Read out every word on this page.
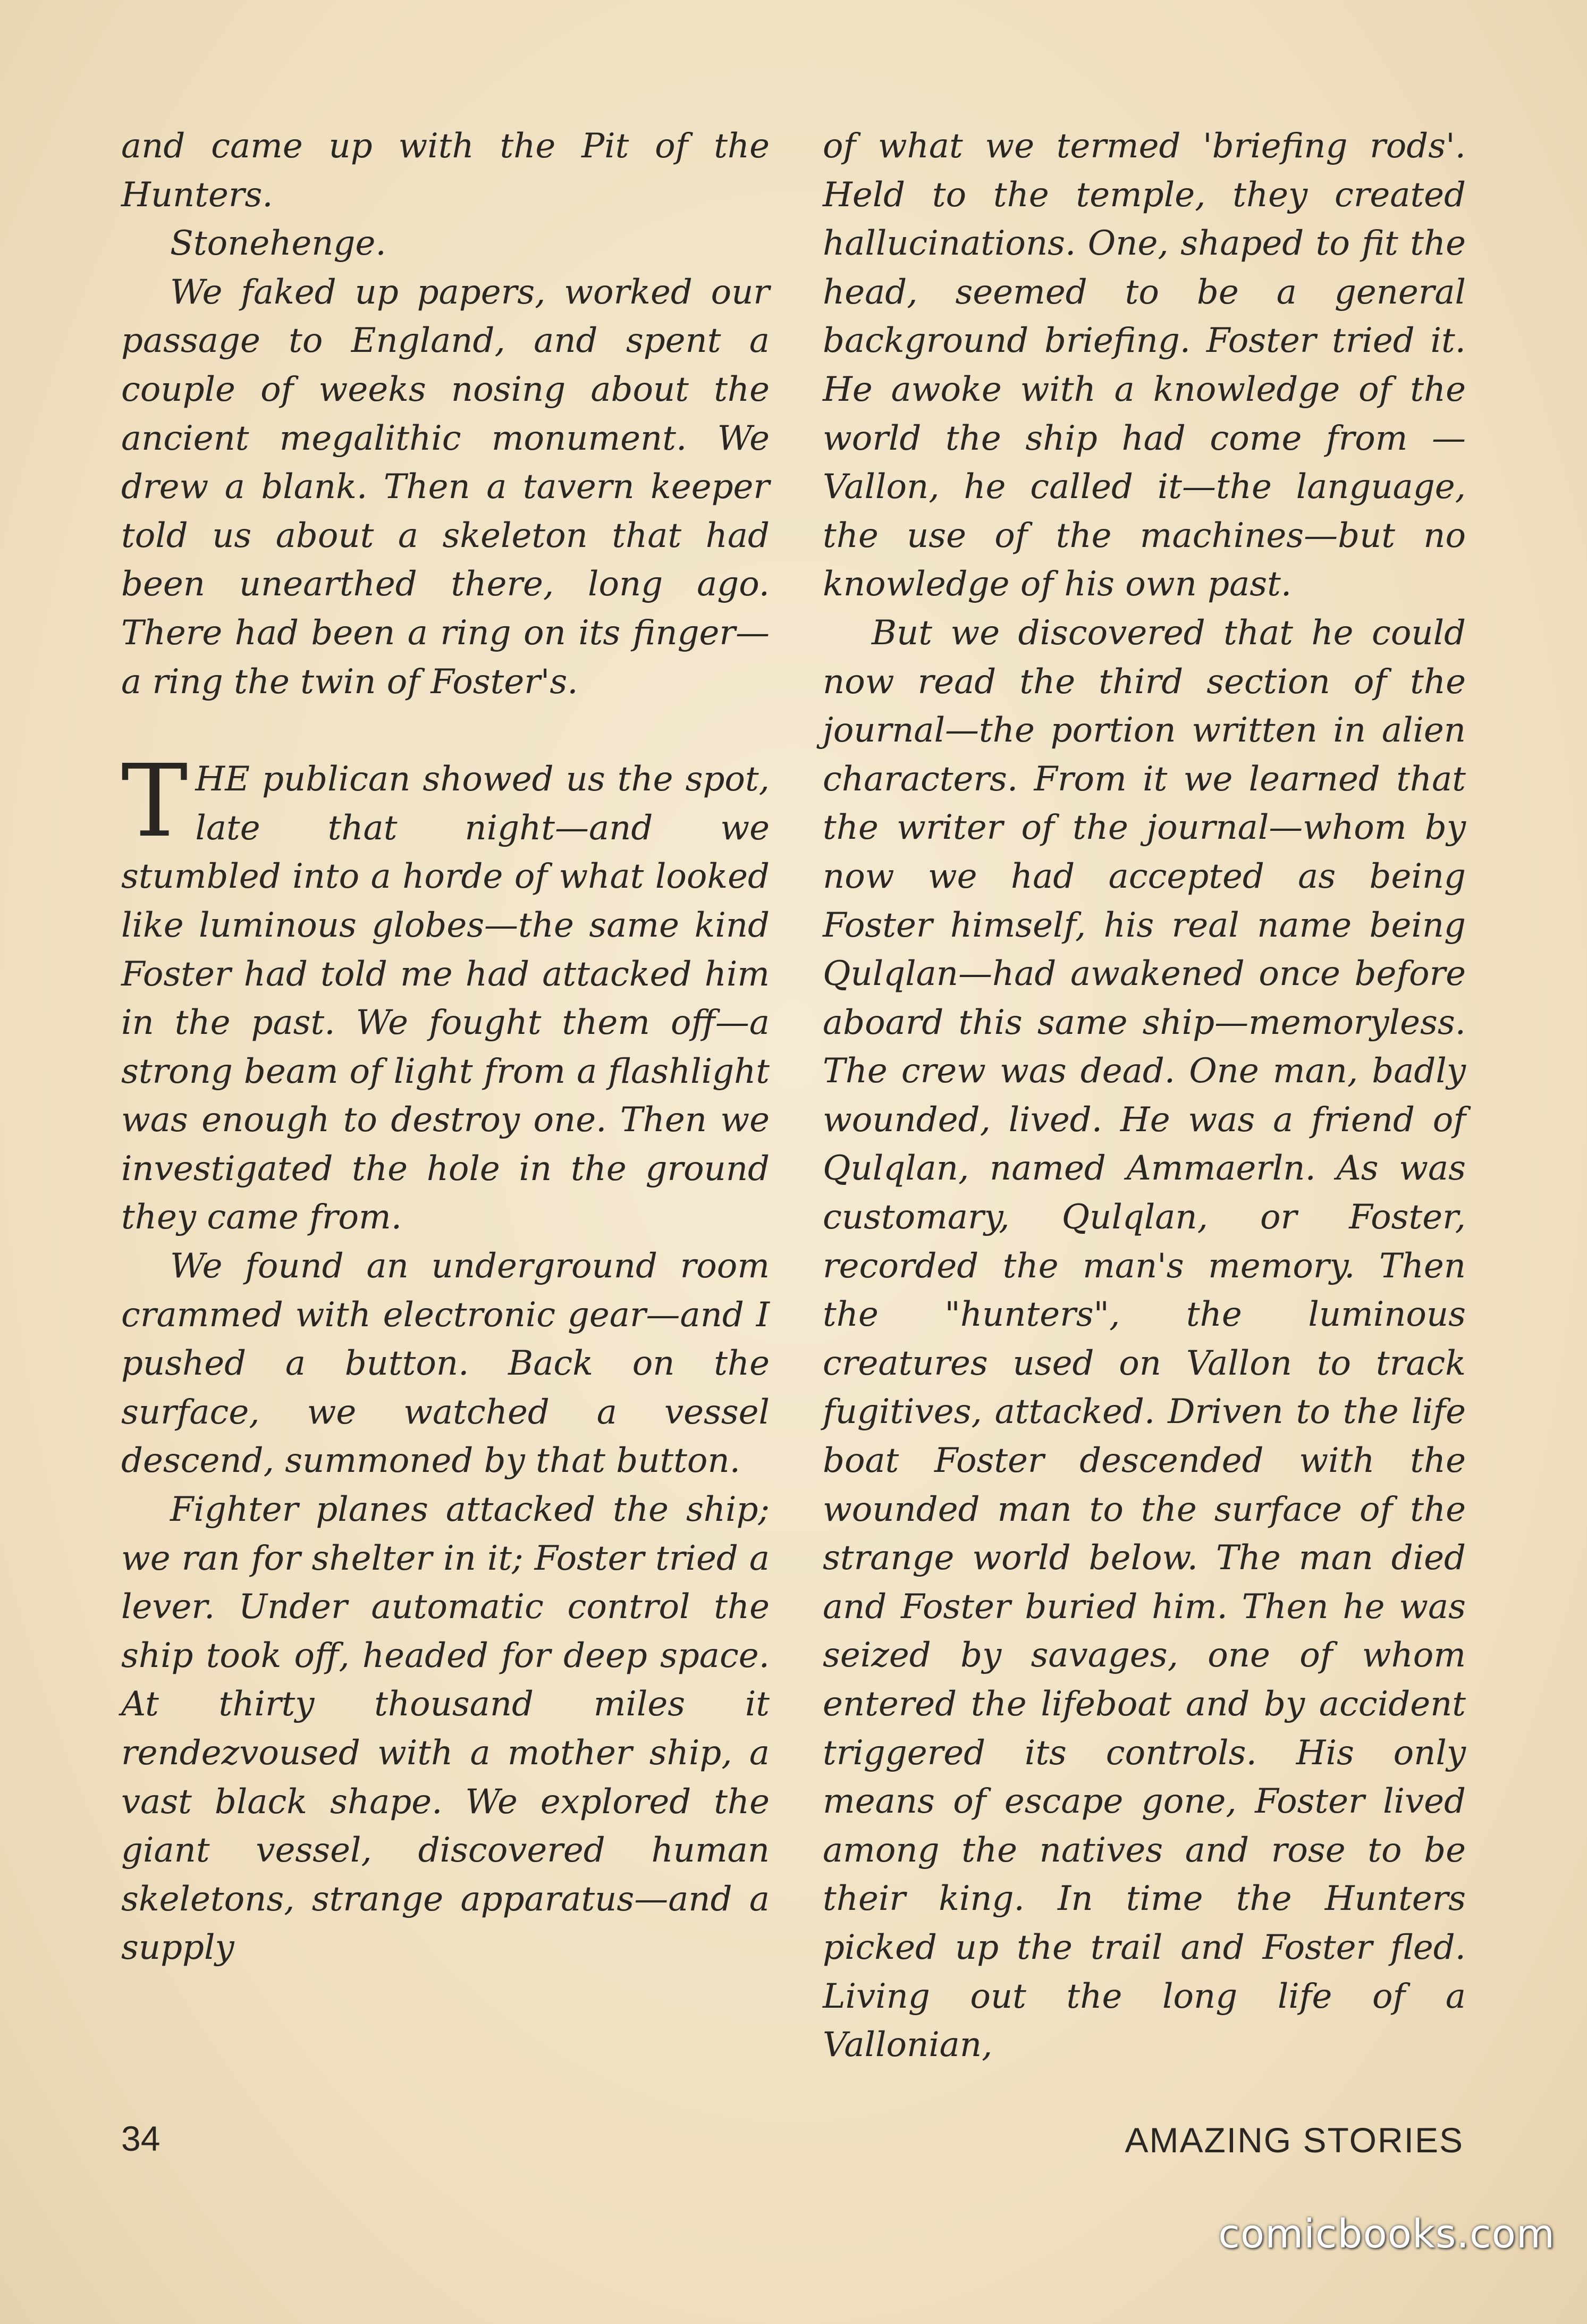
and came up with the Pit of the Hunters.

Stonehenge.

We faked up papers, worked our passage to England, and spent a couple of weeks nosing about the ancient megalithic monument. We drew a blank. Then a tavern keeper told us about a skeleton that had been unearthed there, long ago. There had been a ring on its finger—a ring the twin of Foster's.

THE publican showed us the spot, late that night—and we stumbled into a horde of what looked like luminous globes—the same kind Foster had told me had attacked him in the past. We fought them off—a strong beam of light from a flashlight was enough to destroy one. Then we investigated the hole in the ground they came from.

We found an underground room crammed with electronic gear—and I pushed a button. Back on the surface, we watched a vessel descend, summoned by that button.

Fighter planes attacked the ship; we ran for shelter in it; Foster tried a lever. Under automatic control the ship took off, headed for deep space. At thirty thousand miles it rendezvoused with a mother ship, a vast black shape. We explored the giant vessel, discovered human skeletons, strange apparatus—and a supply

of what we termed 'briefing rods'. Held to the temple, they created hallucinations. One, shaped to fit the head, seemed to be a general background briefing. Foster tried it. He awoke with a knowledge of the world the ship had come from —Vallon, he called it—the language, the use of the machines—but no knowledge of his own past.

But we discovered that he could now read the third section of the journal—the portion written in alien characters. From it we learned that the writer of the journal—whom by now we had accepted as being Foster himself, his real name being Qulqlan—had awakened once before aboard this same ship—memoryless. The crew was dead. One man, badly wounded, lived. He was a friend of Qulqlan, named Ammaerln. As was customary, Qulqlan, or Foster, recorded the man's memory. Then the "hunters", the luminous creatures used on Vallon to track fugitives, attacked. Driven to the life boat Foster descended with the wounded man to the surface of the strange world below. The man died and Foster buried him. Then he was seized by savages, one of whom entered the lifeboat and by accident triggered its controls. His only means of escape gone, Foster lived among the natives and rose to be their king. In time the Hunters picked up the trail and Foster fled. Living out the long life of a Vallonian,

34	AMAZING STORIES
comicbooks.com
